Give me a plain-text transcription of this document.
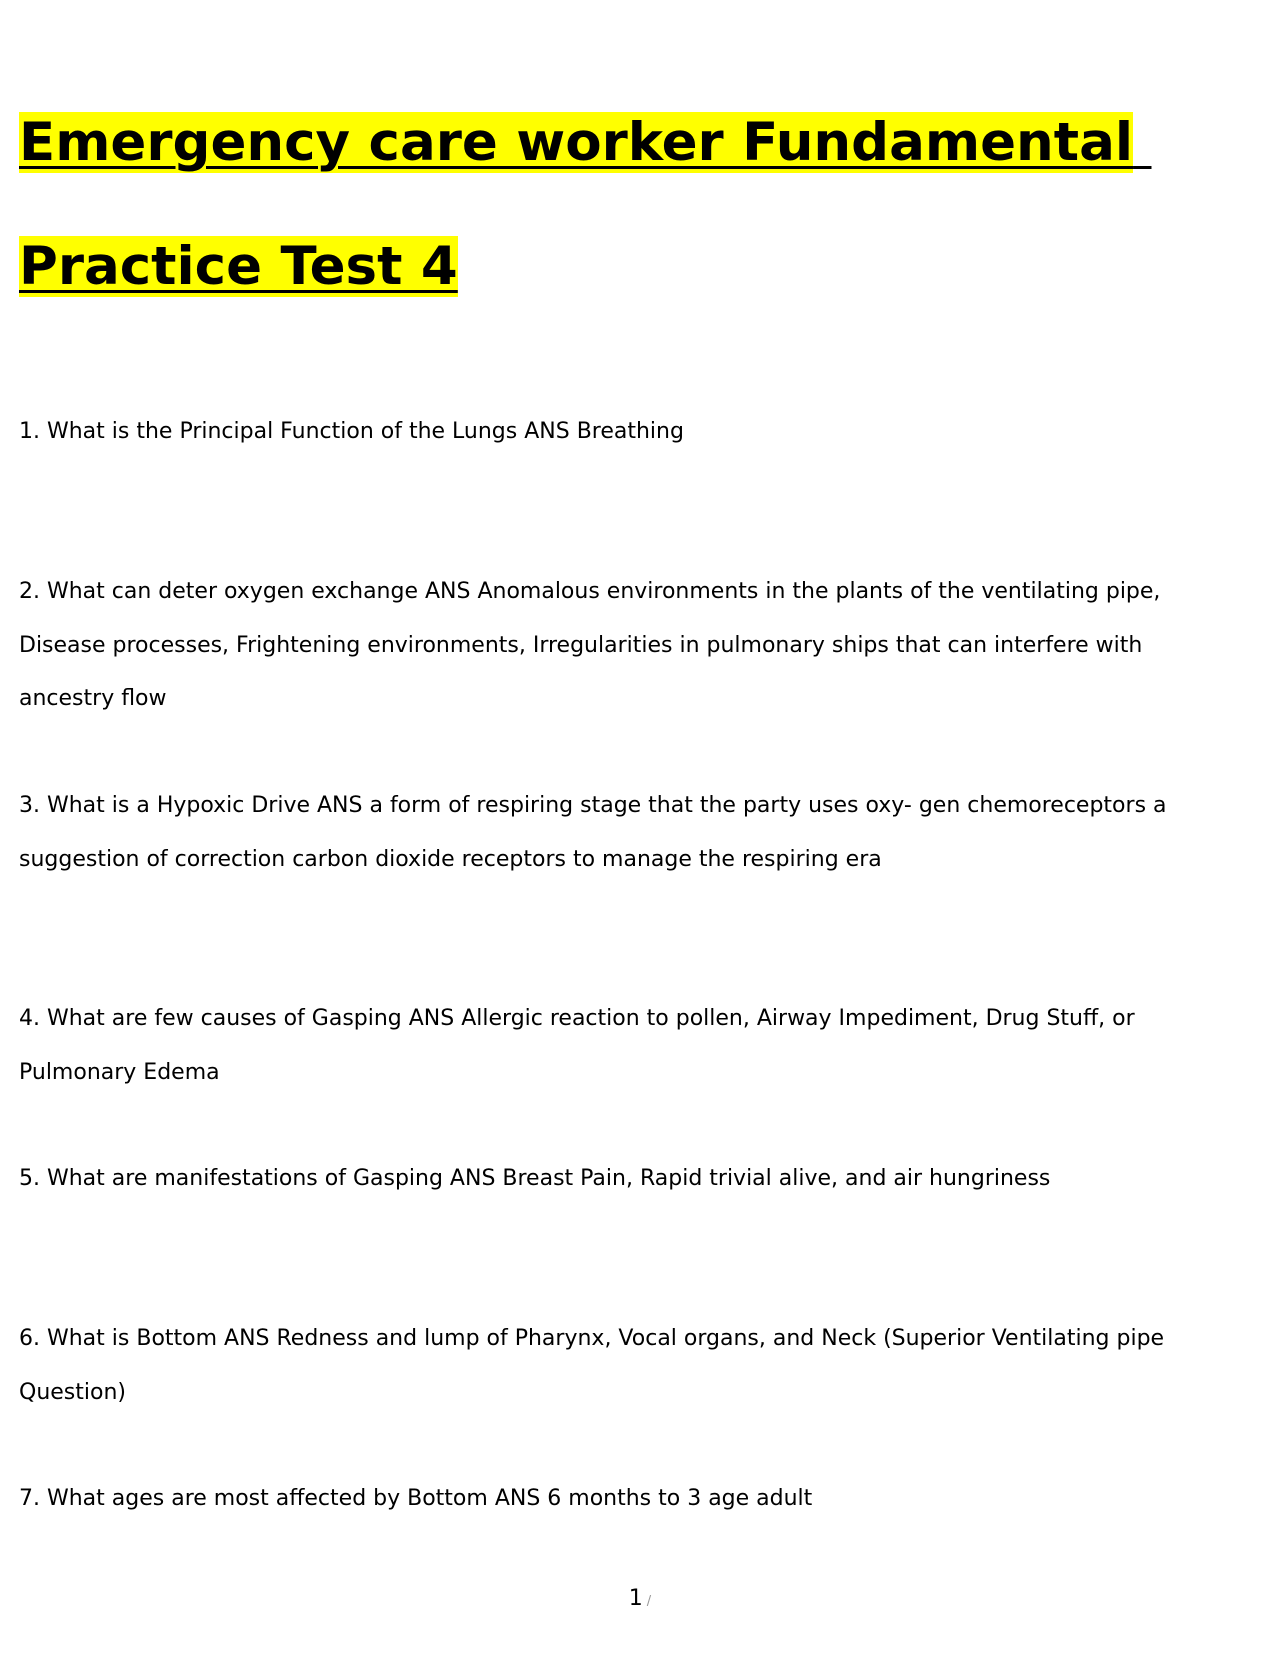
Emergency care worker Fundamental
Practice Test 4
1. What is the Principal Function of the Lungs ANS Breathing
2. What can deter oxygen exchange ANS Anomalous environments in the plants of the ventilating pipe, Disease processes, Frightening environments, Irregularities in pulmonary ships that can interfere with ancestry flow
3. What is a Hypoxic Drive ANS a form of respiring stage that the party uses oxy- gen chemoreceptors a suggestion of correction carbon dioxide receptors to manage the respiring era
4. What are few causes of Gasping ANS Allergic reaction to pollen, Airway Impediment, Drug Stuff, or Pulmonary Edema
5. What are manifestations of Gasping ANS Breast Pain, Rapid trivial alive, and air hungriness
6. What is Bottom ANS Redness and lump of Pharynx, Vocal organs, and Neck (Superior Ventilating pipe Question)
7. What ages are most affected by Bottom ANS 6 months to 3 age adult
1 /
